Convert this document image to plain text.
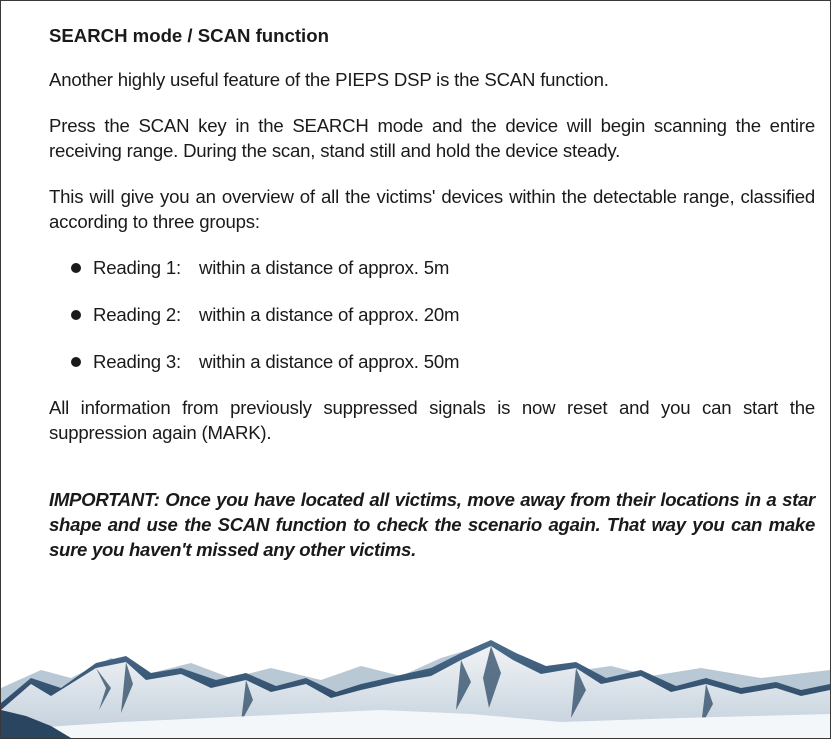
SEARCH mode / SCAN function

Another highly useful feature of the PIEPS DSP is the SCAN function.

Press the SCAN key in the SEARCH mode and the device will begin scanning the entire receiving range. During the scan, stand still and hold the device steady.

This will give you an overview of all the victims' devices within the detectable range, classified according to three groups:

Reading 1: within a distance of approx. 5m
Reading 2: within a distance of approx. 20m
Reading 3: within a distance of approx. 50m

All information from previously suppressed signals is now reset and you can start the suppression again (MARK).

IMPORTANT: Once you have located all victims, move away from their locations in a star shape and use the SCAN function to check the scenario again. That way you can make sure you haven't missed any other victims.
